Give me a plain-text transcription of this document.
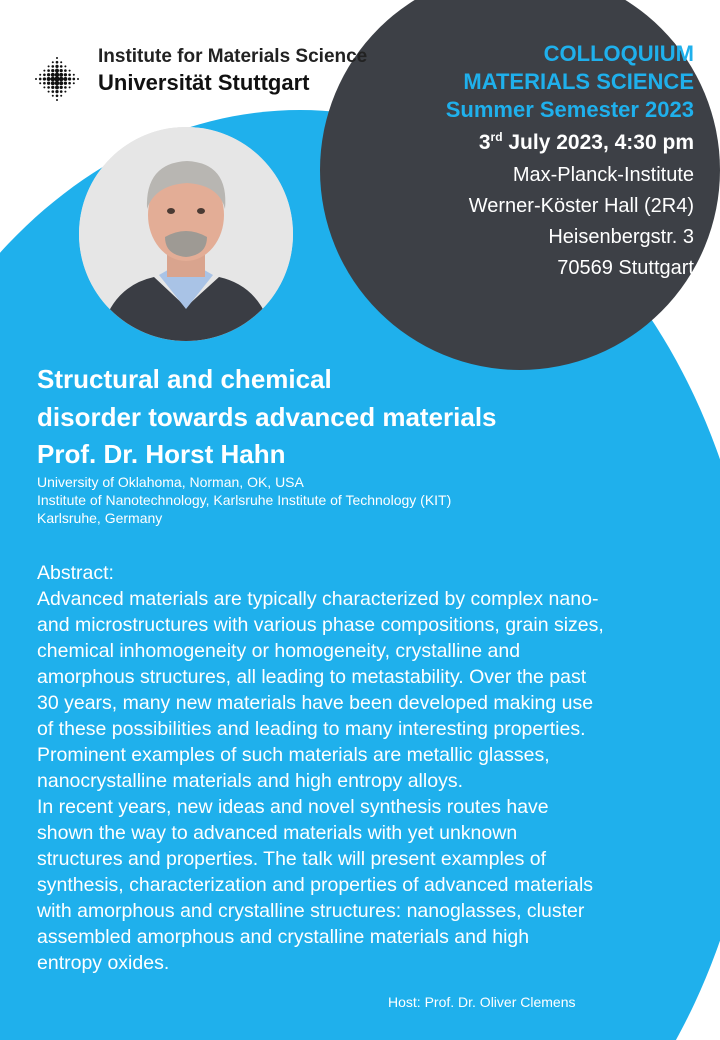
Institute for Materials Science
Universität Stuttgart
COLLOQUIUM
MATERIALS SCIENCE
Summer Semester 2023
3rd July 2023, 4:30 pm
Max-Planck-Institute
Werner-Köster Hall (2R4)
Heisenbergstr. 3
70569 Stuttgart
Structural and chemical
disorder towards advanced materials
Prof. Dr. Horst Hahn
University of Oklahoma, Norman, OK, USA
Institute of Nanotechnology, Karlsruhe Institute of Technology (KIT)
Karlsruhe, Germany
Abstract:
Advanced materials are typically characterized by complex nano-
and microstructures with various phase compositions, grain sizes,
chemical inhomogeneity or homogeneity, crystalline and
amorphous structures, all leading to metastability. Over the past
30 years, many new materials have been developed making use
of these possibilities and leading to many interesting properties.
Prominent examples of such materials are metallic glasses,
nanocrystalline materials and high entropy alloys.
In recent years, new ideas and novel synthesis routes have
shown the way to advanced materials with yet unknown
structures and properties. The talk will present examples of
synthesis, characterization and properties of advanced materials
with amorphous and crystalline structures: nanoglasses, cluster
assembled amorphous and crystalline materials and high
entropy oxides.
Host: Prof. Dr. Oliver Clemens
